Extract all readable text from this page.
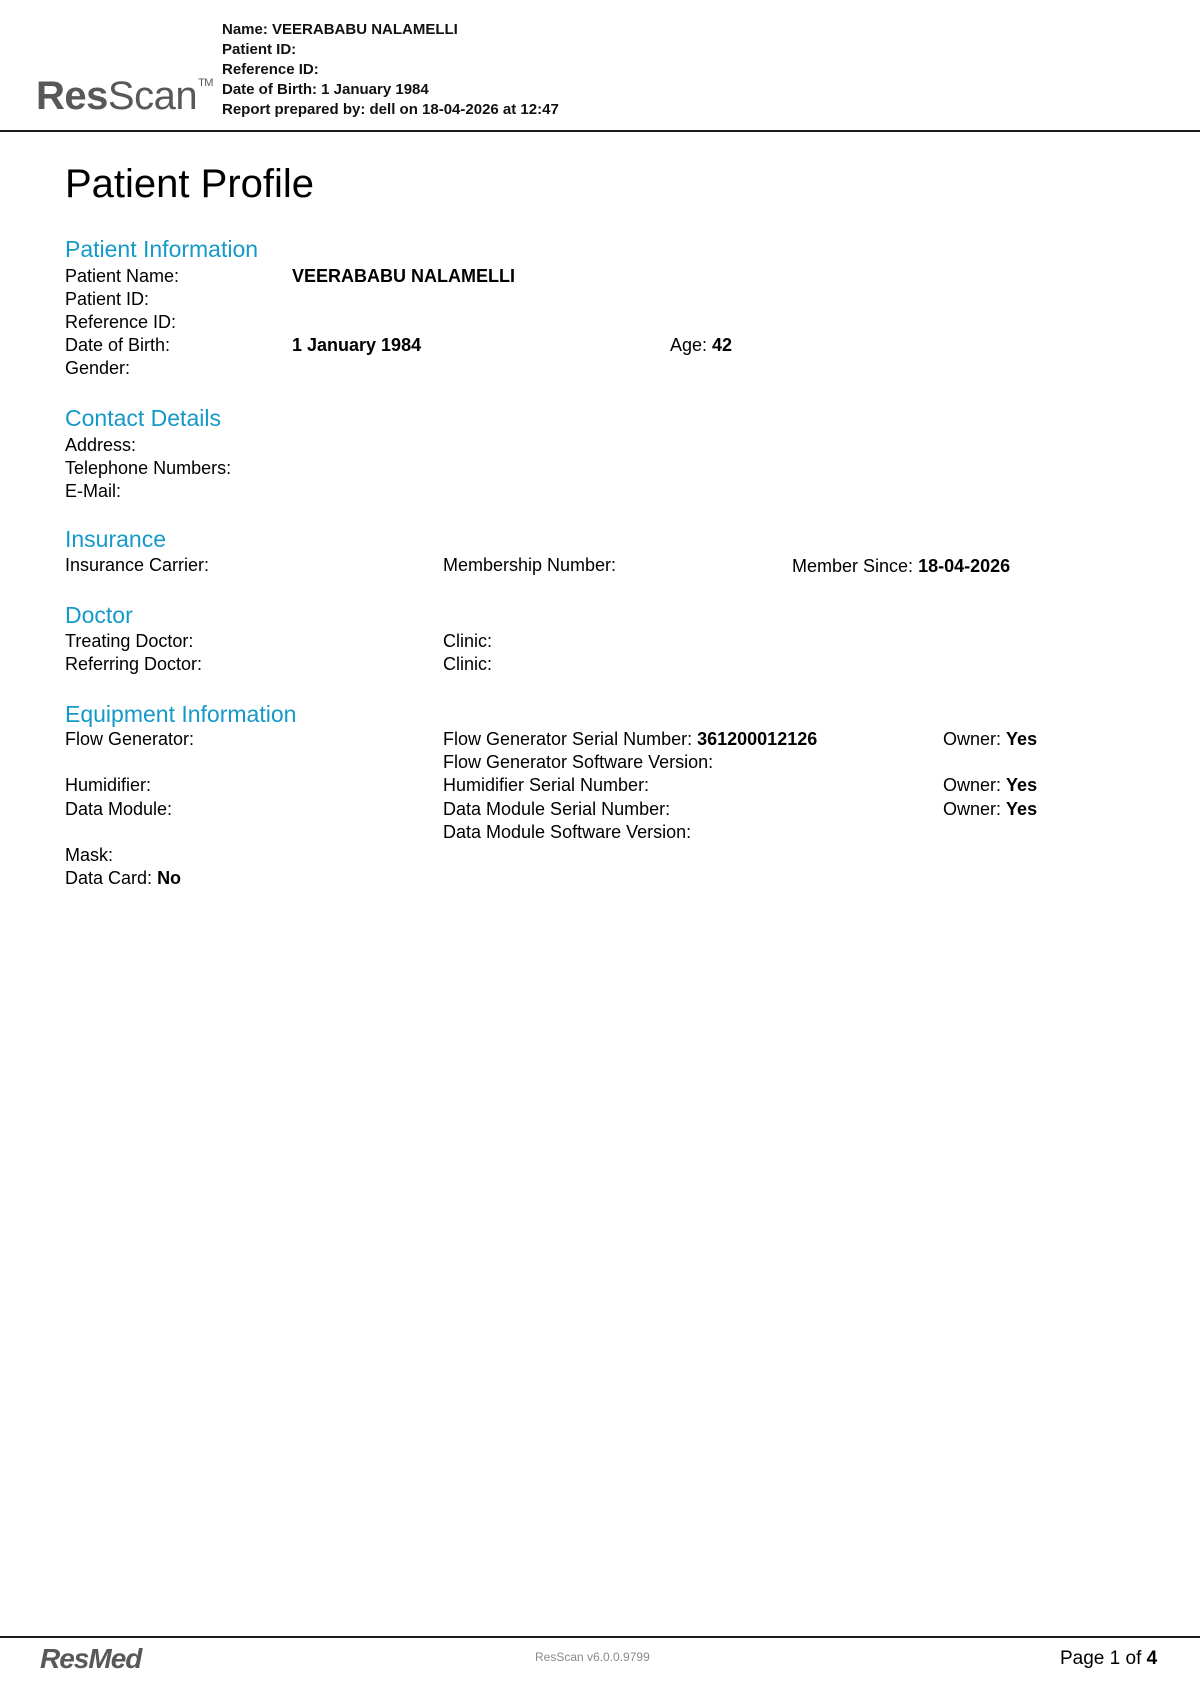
ResScan™
Name: VEERABABU NALAMELLI
Patient ID:
Reference ID:
Date of Birth: 1 January 1984
Report prepared by: dell on 18-04-2026 at 12:47
Patient Profile
Patient Information
Patient Name:	VEERABABU NALAMELLI
Patient ID:
Reference ID:
Date of Birth:	1 January 1984	Age: 42
Gender:
Contact Details
Address:
Telephone Numbers:
E-Mail:
Insurance
Insurance Carrier:	Membership Number:	Member Since: 18-04-2026
Doctor
Treating Doctor:	Clinic:
Referring Doctor:	Clinic:
Equipment Information
Flow Generator:	Flow Generator Serial Number: 361200012126	Owner: Yes
Flow Generator Software Version:
Humidifier:	Humidifier Serial Number:	Owner: Yes
Data Module:	Data Module Serial Number:	Owner: Yes
Data Module Software Version:
Mask:
Data Card: No
ResMed	ResScan v6.0.0.9799	Page 1 of 4
